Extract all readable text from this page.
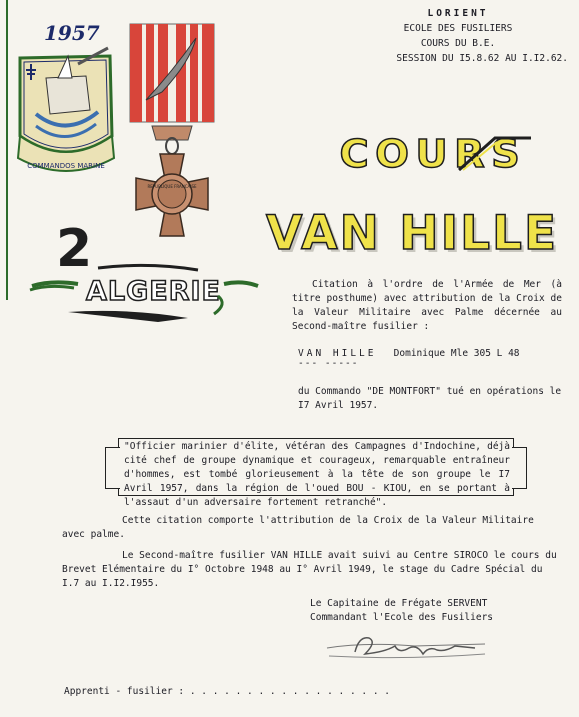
1957
COMMANDOS MARINE
REPUBLIQUE FRANCAISE
2
ALGERIE
LORIENT
ECOLE DES FUSILIERS
COURS DU B.E.
SESSION DU I5.8.62 AU I.I2.62.
COURS
VAN HILLE
Citation à l'ordre de l'Armée de Mer (à titre posthume) avec attribution de la Croix de la Valeur Militaire avec Palme décernée au Second-maître fusilier :
VAN HILLE Dominique Mle 305 L 48
--- -----
du Commando "DE MONTFORT" tué en opérations le I7 Avril 1957.
"Officier marinier d'élite, vétéran des Campagnes d'Indochine, déjà cité chef de groupe dynamique et courageux, remarquable entraîneur d'hommes, est tombé glorieusement à la tête de son groupe le I7 Avril 1957, dans la région de l'oued BOU - KIOU, en se portant à l'assaut d'un adversaire fortement retranché".
Cette citation comporte l'attribution de la Croix de la Valeur Militaire avec palme.
Le Second-maître fusilier VAN HILLE avait suivi au Centre SIROCO le cours du Brevet Elémentaire du I° Octobre 1948 au I° Avril 1949, le stage du Cadre Spécial du I.7 au I.I2.I955.
Le Capitaine de Frégate SERVENT
Commandant l'Ecole des Fusiliers
Apprenti - fusilier : . . . . . . . . . . . . . . . . . .
